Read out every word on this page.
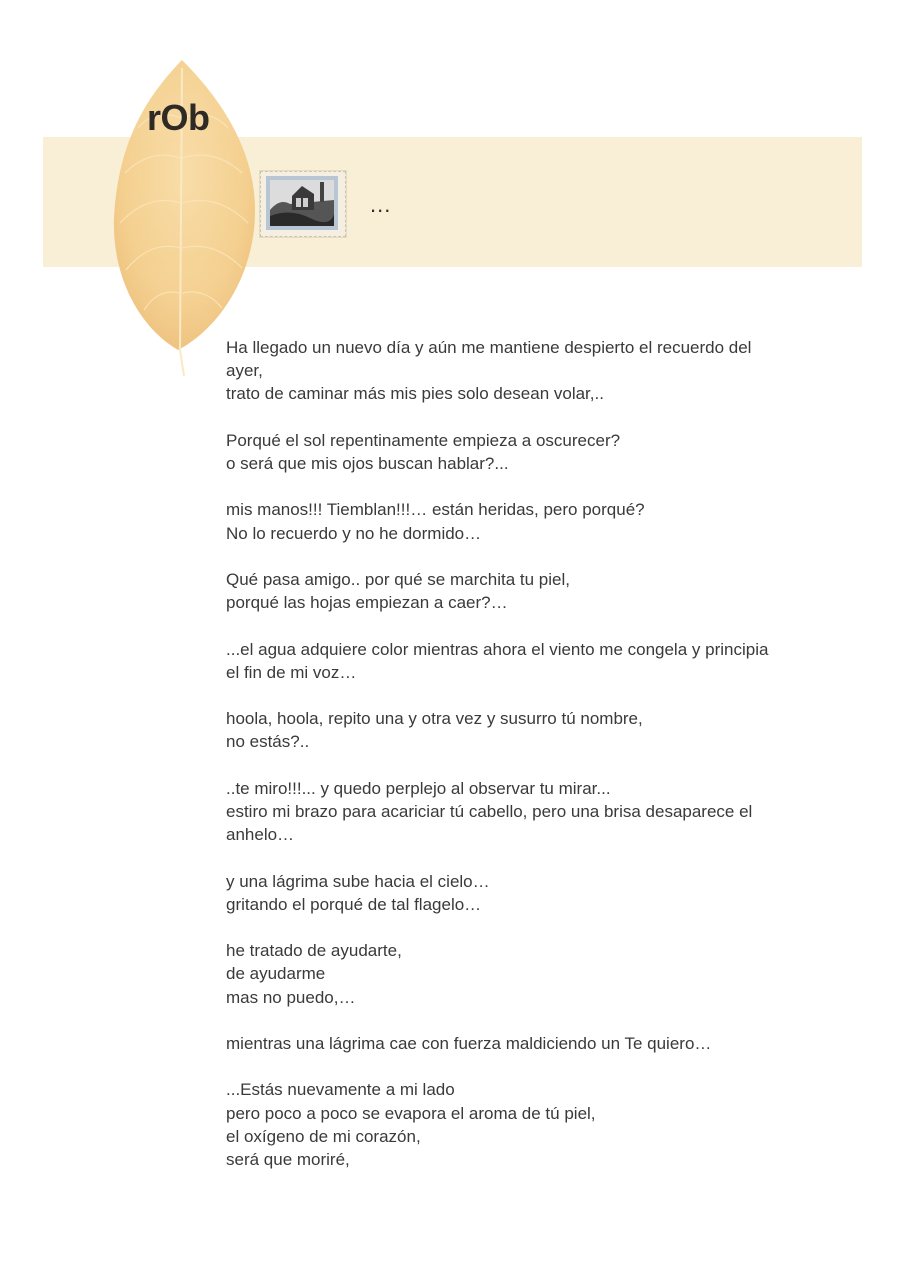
rOb
...
Ha llegado un nuevo día y aún me mantiene despierto el recuerdo del
ayer,
trato de caminar más mis pies solo desean volar,..
Porqué el sol repentinamente empieza a oscurecer?
o será que mis ojos buscan hablar?...
mis manos!!! Tiemblan!!!… están heridas, pero porqué?
No lo recuerdo y no he dormido…
Qué pasa amigo.. por qué se marchita tu piel,
porqué las hojas empiezan a caer?…
...el agua adquiere color mientras ahora el viento me congela y principia
el fin de mi voz…
hoola, hoola, repito una y otra vez y susurro tú nombre,
no estás?..
..te miro!!!... y quedo perplejo al observar tu mirar...
estiro mi brazo para acariciar tú cabello, pero una brisa desaparece el
anhelo…
y una lágrima sube hacia el cielo…
gritando el porqué de tal flagelo…
he tratado de ayudarte,
de ayudarme
mas no puedo,…
mientras una lágrima cae con fuerza maldiciendo un Te quiero…
...Estás nuevamente a mi lado
pero poco a poco se evapora el aroma de tú piel,
el oxígeno de mi corazón,
será que moriré,
